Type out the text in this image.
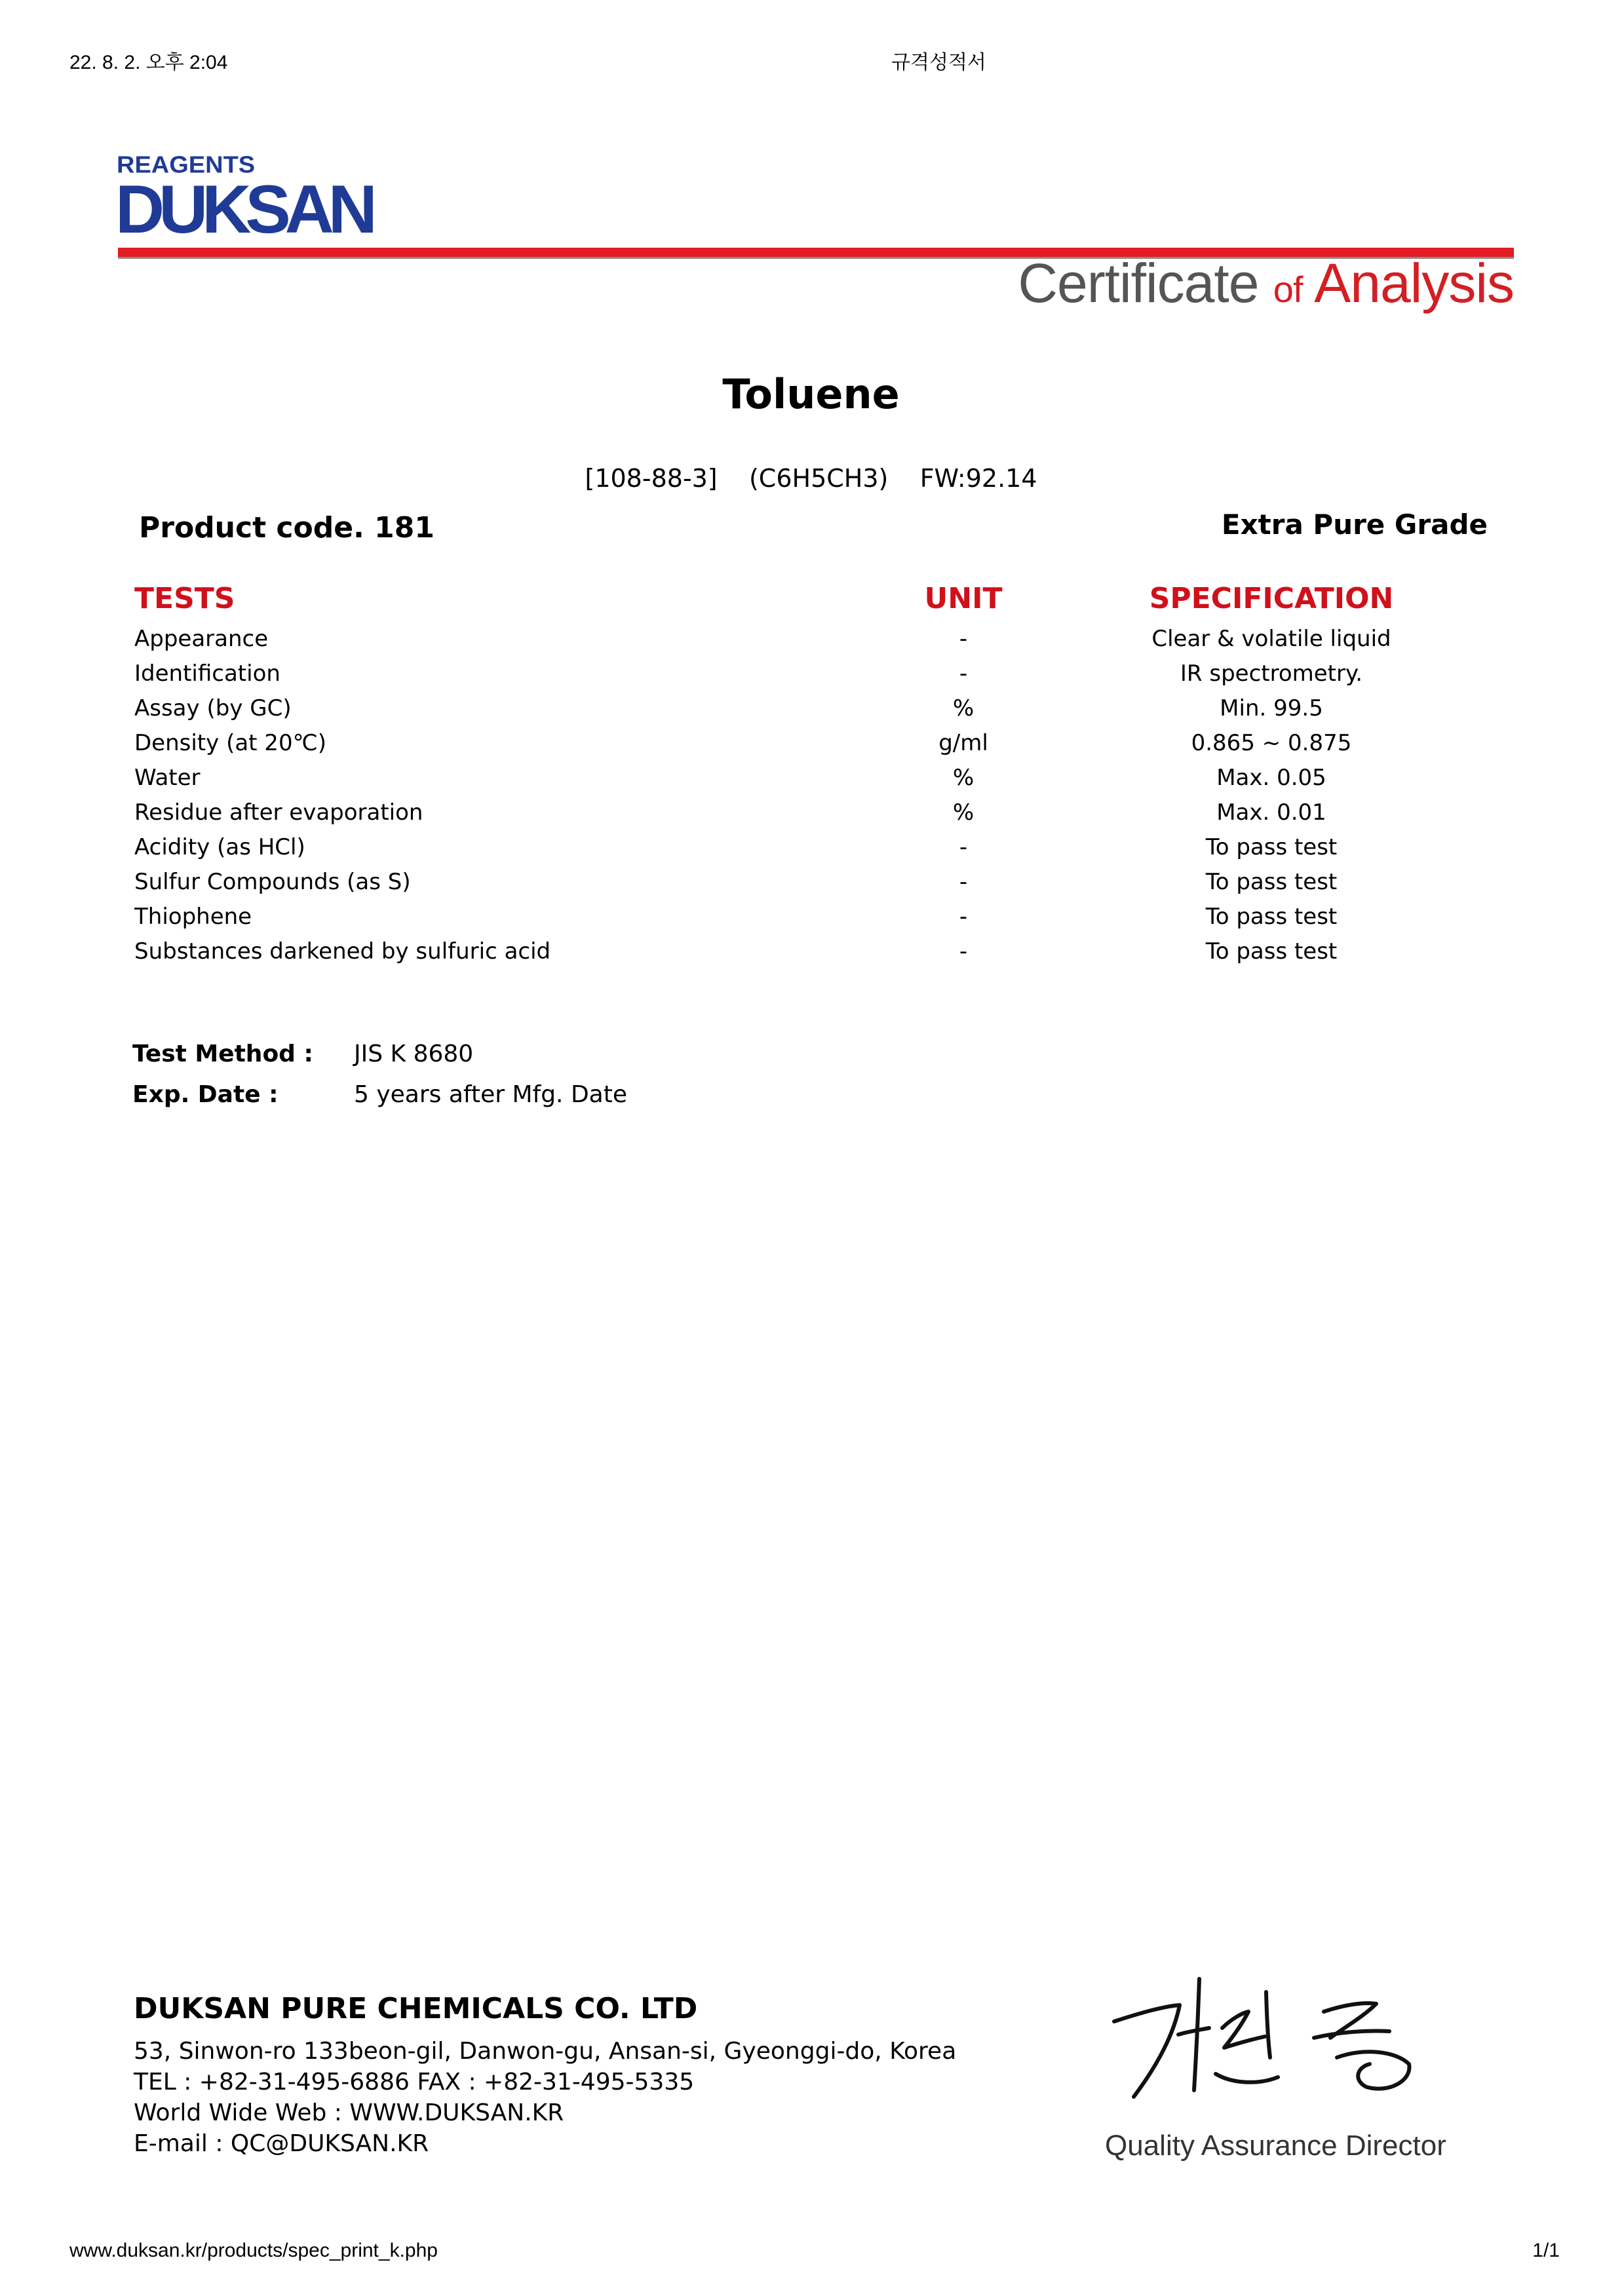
22. 8. 2. 오후 2:04	규격성적서
www.duksan.kr/products/spec_print_k.php	1/1
REAGENTS
DUKSAN
Certificate of Analysis
Toluene
[108-88-3] (C6H5CH3) FW:92.14
Product code. 181	Extra Pure Grade
TESTS	UNIT	SPECIFICATION
Appearance	-	Clear & volatile liquid
Identification	-	IR spectrometry.
Assay (by GC)	%	Min. 99.5
Density (at 20℃)	g/ml	0.865 ~ 0.875
Water	%	Max. 0.05
Residue after evaporation	%	Max. 0.01
Acidity (as HCl)	-	To pass test
Sulfur Compounds (as S)	-	To pass test
Thiophene	-	To pass test
Substances darkened by sulfuric acid	-	To pass test
Test Method : JIS K 8680
Exp. Date :	5 years after Mfg. Date
DUKSAN PURE CHEMICALS CO. LTD
53, Sinwon-ro 133beon-gil, Danwon-gu, Ansan-si, Gyeonggi-do, Korea
TEL : +82-31-495-6886 FAX : +82-31-495-5335
World Wide Web : WWW.DUKSAN.KR
E-mail : QC@DUKSAN.KR	Quality Assurance Director
